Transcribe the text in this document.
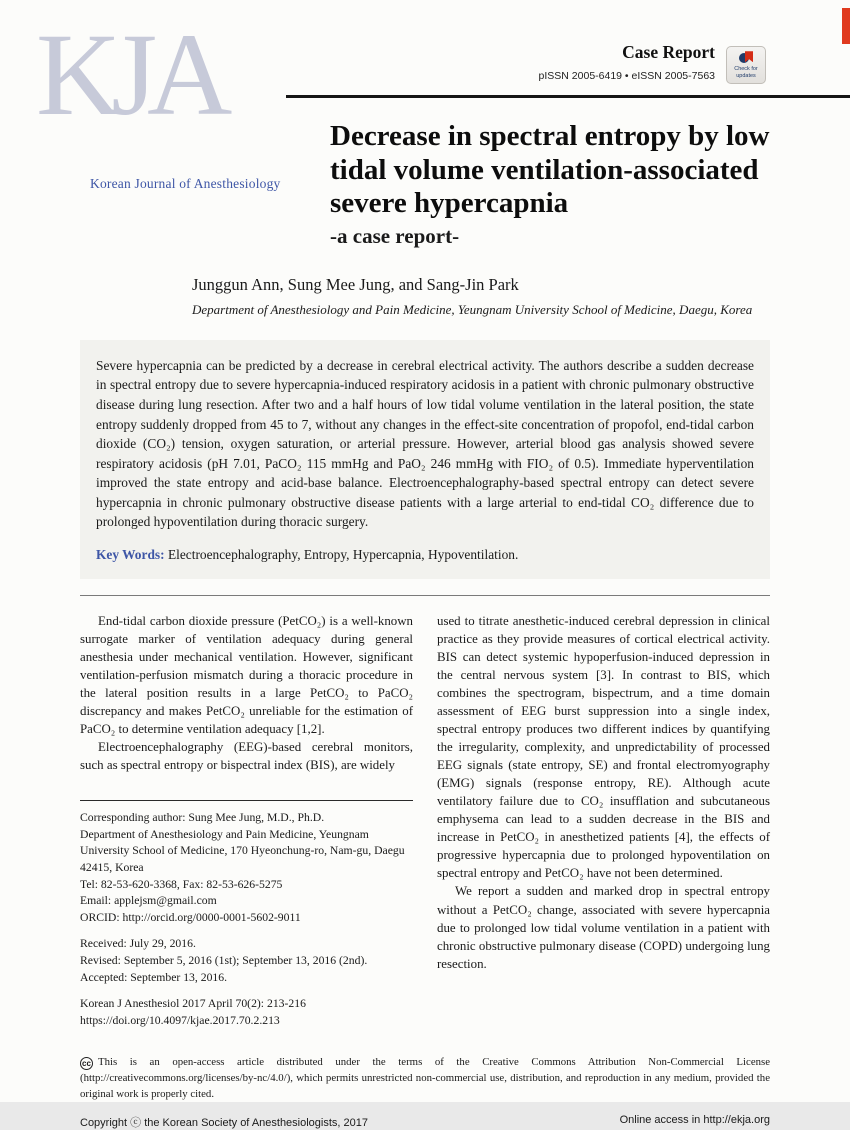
KJA
Korean Journal of Anesthesiology
Case Report
pISSN 2005-6419 • eISSN 2005-7563
Check for updates
Decrease in spectral entropy by low
tidal volume ventilation-associated
severe hypercapnia
-a case report-
Junggun Ann, Sung Mee Jung, and Sang-Jin Park
Department of Anesthesiology and Pain Medicine, Yeungnam University School of Medicine, Daegu, Korea
Severe hypercapnia can be predicted by a decrease in cerebral electrical activity. The authors describe a sudden decrease in spectral entropy due to severe hypercapnia-induced respiratory acidosis in a patient with chronic pulmonary obstructive disease during lung resection. After two and a half hours of low tidal volume ventilation in the lateral position, the state entropy suddenly dropped from 45 to 7, without any changes in the effect-site concentration of propofol, end-tidal carbon dioxide (CO₂) tension, oxygen saturation, or arterial pressure. However, arterial blood gas analysis showed severe respiratory acidosis (pH 7.01, PaCO₂ 115 mmHg and PaO₂ 246 mmHg with FIO₂ of 0.5). Immediate hyperventilation improved the state entropy and acid-base balance. Electroencephalography-based spectral entropy can detect severe hypercapnia in chronic pulmonary obstructive disease patients with a large arterial to end-tidal CO₂ difference due to prolonged hypoventilation during thoracic surgery.
Key Words: Electroencephalography, Entropy, Hypercapnia, Hypoventilation.

End-tidal carbon dioxide pressure (PetCO₂) is a well-known surrogate marker of ventilation adequacy during general anesthesia under mechanical ventilation. However, significant ventilation-perfusion mismatch during a thoracic procedure in the lateral position results in a large PetCO₂ to PaCO₂ discrepancy and makes PetCO₂ unreliable for the estimation of PaCO₂ to determine ventilation adequacy [1,2].

Electroencephalography (EEG)-based cerebral monitors, such as spectral entropy or bispectral index (BIS), are widely

Corresponding author: Sung Mee Jung, M.D., Ph.D.
Department of Anesthesiology and Pain Medicine, Yeungnam University School of Medicine, 170 Hyeonchung-ro, Nam-gu, Daegu 42415, Korea
Tel: 82-53-620-3368, Fax: 82-53-626-5275
Email: applejsm@gmail.com
ORCID: http://orcid.org/0000-0001-5602-9011
Received: July 29, 2016.
Revised: September 5, 2016 (1st); September 13, 2016 (2nd).
Accepted: September 13, 2016.
Korean J Anesthesiol 2017 April 70(2): 213-216
https://doi.org/10.4097/kjae.2017.70.2.213

used to titrate anesthetic-induced cerebral depression in clinical practice as they provide measures of cortical electrical activity. BIS can detect systemic hypoperfusion-induced depression in the central nervous system [3]. In contrast to BIS, which combines the spectrogram, bispectrum, and a time domain assessment of EEG burst suppression into a single index, spectral entropy produces two different indices by quantifying the irregularity, complexity, and unpredictability of processed EEG signals (state entropy, SE) and frontal electromyography (EMG) signals (response entropy, RE). Although acute ventilatory failure due to CO₂ insufflation and subcutaneous emphysema can lead to a sudden decrease in the BIS and increase in PetCO₂ in anesthetized patients [4], the effects of progressive hypercapnia due to prolonged hypoventilation on spectral entropy and PetCO₂ have not been determined.

We report a sudden and marked drop in spectral entropy without a PetCO₂ change, associated with severe hypercapnia due to prolonged low tidal volume ventilation in a patient with chronic obstructive pulmonary disease (COPD) undergoing lung resection.

cc This is an open-access article distributed under the terms of the Creative Commons Attribution Non-Commercial License (http://creativecommons.org/licenses/by-nc/4.0/), which permits unrestricted non-commercial use, distribution, and reproduction in any medium, provided the original work is properly cited.
Copyright ⓒ the Korean Society of Anesthesiologists, 2017	Online access in http://ekja.org
